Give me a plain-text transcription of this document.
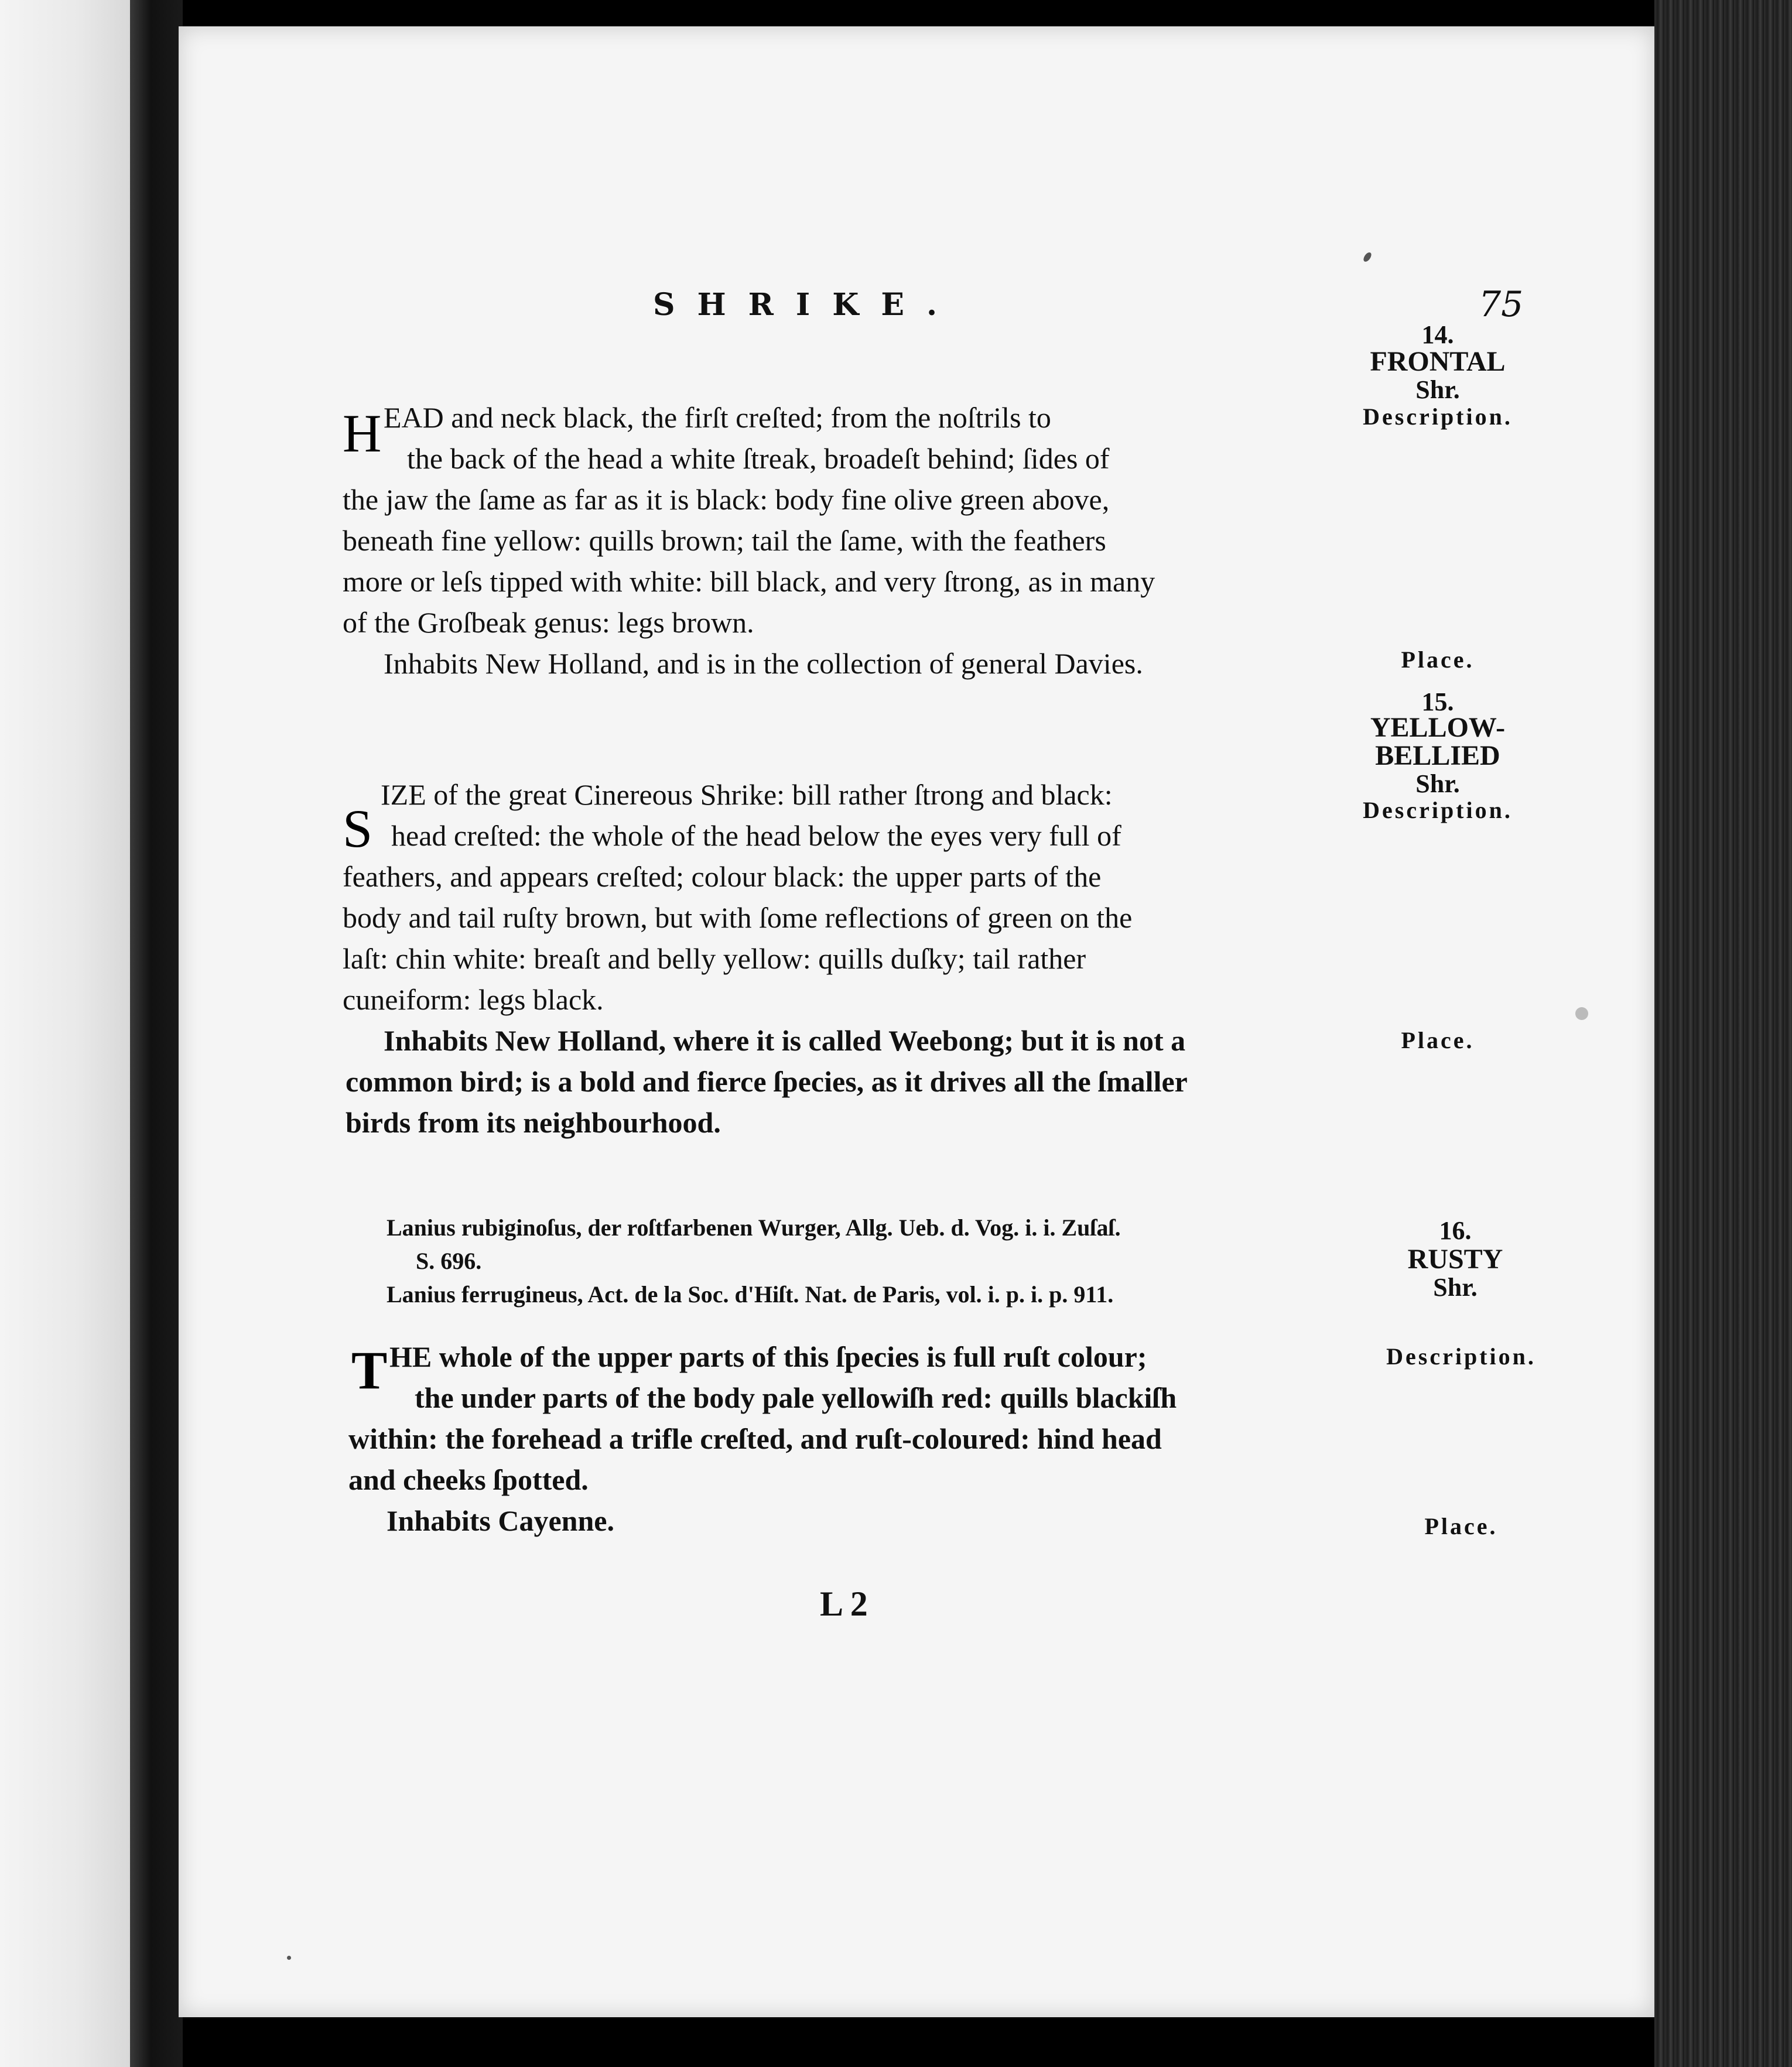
SHRIKE.	75
14.
FRONTAL
Shr.
Description.
H EAD and neck black, the firſt creſted; from the noſtrils to
the back of the head a white ſtreak, broadeſt behind; ſides of
the jaw the ſame as far as it is black: body fine olive green above,
beneath fine yellow: quills brown; tail the ſame, with the feathers
more or leſs tipped with white: bill black, and very ſtrong, as in many
of the Groſbeak genus: legs brown.
Inhabits New Holland, and is in the collection of general Davies.	Place.
15.
YELLOW-
BELLIED
Shr.
Description.
S
IZE of the great Cinereous Shrike: bill rather ſtrong and black:
head creſted: the whole of the head below the eyes very full of
feathers, and appears creſted; colour black: the upper parts of the
body and tail ruſty brown, but with ſome reflections of green on the
laſt: chin white: breaſt and belly yellow: quills duſky; tail rather
cuneiform: legs black.
Inhabits New Holland, where it is called Weebong; but it is not a
common bird; is a bold and fierce ſpecies, as it drives all the ſmaller
birds from its neighbourhood.
Place.
16.
RUSTY
Shr.
Lanius rubiginoſus, der roſtfarbenen Wurger, Allg. Ueb. d. Vog. i. i. Zuſaſ.
S. 696.
Lanius ferrugineus, Act. de la Soc. d'Hiſt. Nat. de Paris, vol. i. p. i. p. 911.
Description.
T HE whole of the upper parts of this ſpecies is full ruſt colour;
the under parts of the body pale yellowiſh red: quills blackiſh
within: the forehead a trifle creſted, and ruſt-coloured: hind head
and cheeks ſpotted.
Inhabits Cayenne.	Place.
L 2
